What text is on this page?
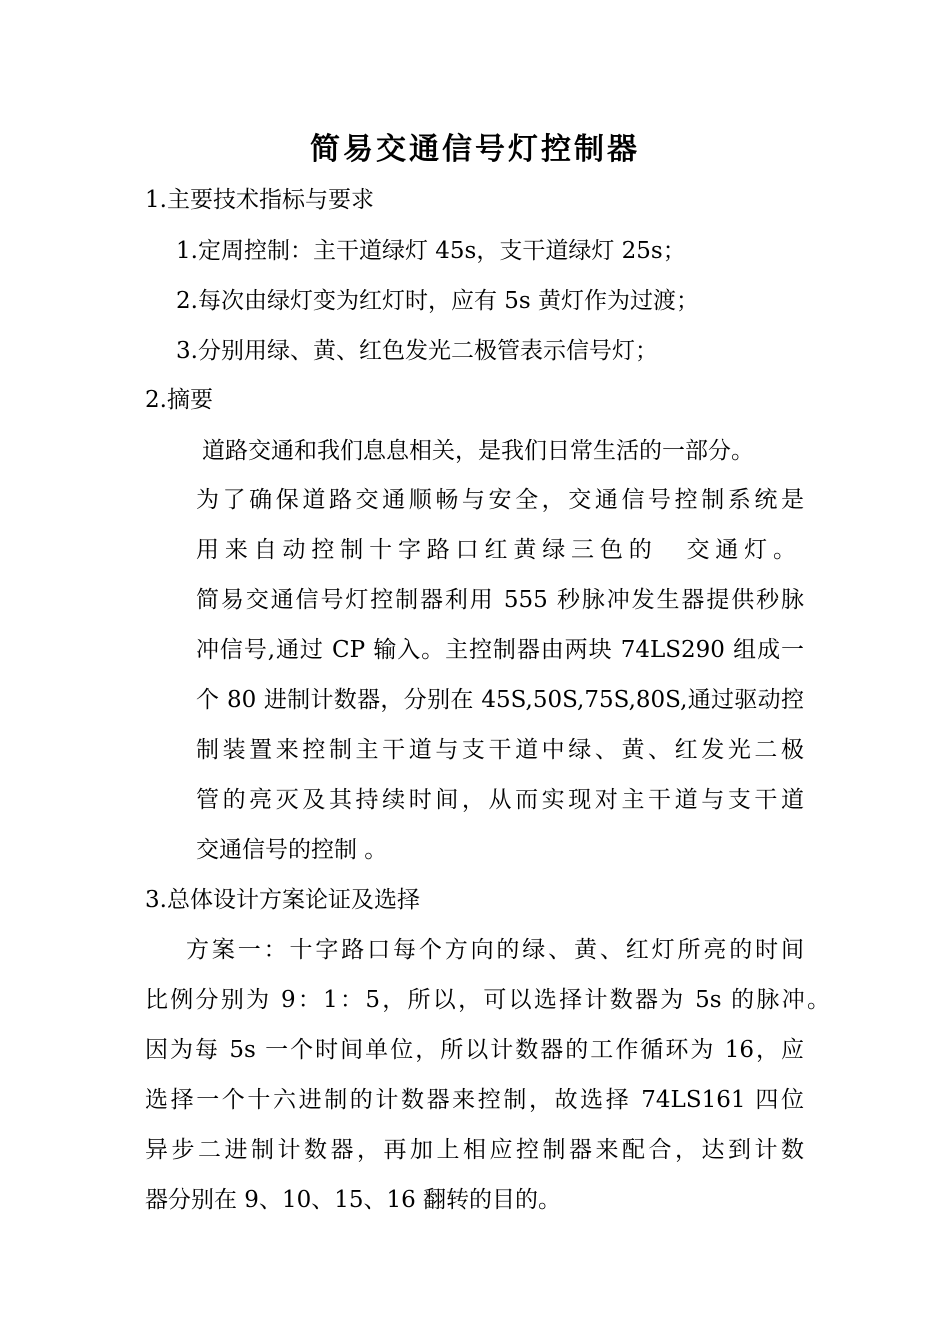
简易交通信号灯控制器
1.主要技术指标与要求
1.定周控制：主干道绿灯 45s，支干道绿灯 25s；
2.每次由绿灯变为红灯时，应有 5s 黄灯作为过渡；
3.分别用绿、黄、红色发光二极管表示信号灯；
2.摘要
道路交通和我们息息相关，是我们日常生活的一部分。
为了确保道路交通顺畅与安全，交通信号控制系统是
用来自动控制十字路口红黄绿三色的　交通灯。
简易交通信号灯控制器利用 555 秒脉冲发生器提供秒脉
冲信号,通过 CP 输入。主控制器由两块 74LS290 组成一
个 80 进制计数器，分别在 45S,50S,75S,80S,通过驱动控
制装置来控制主干道与支干道中绿、黄、红发光二极
管的亮灭及其持续时间，从而实现对主干道与支干道
交通信号的控制 。
3.总体设计方案论证及选择
方案一：十字路口每个方向的绿、黄、红灯所亮的时间
比例分别为 9：1：5，所以，可以选择计数器为 5s 的脉冲。
因为每 5s 一个时间单位，所以计数器的工作循环为 16，应
选择一个十六进制的计数器来控制，故选择 74LS161 四位
异步二进制计数器，再加上相应控制器来配合，达到计数
器分别在 9、10、15、16 翻转的目的。
